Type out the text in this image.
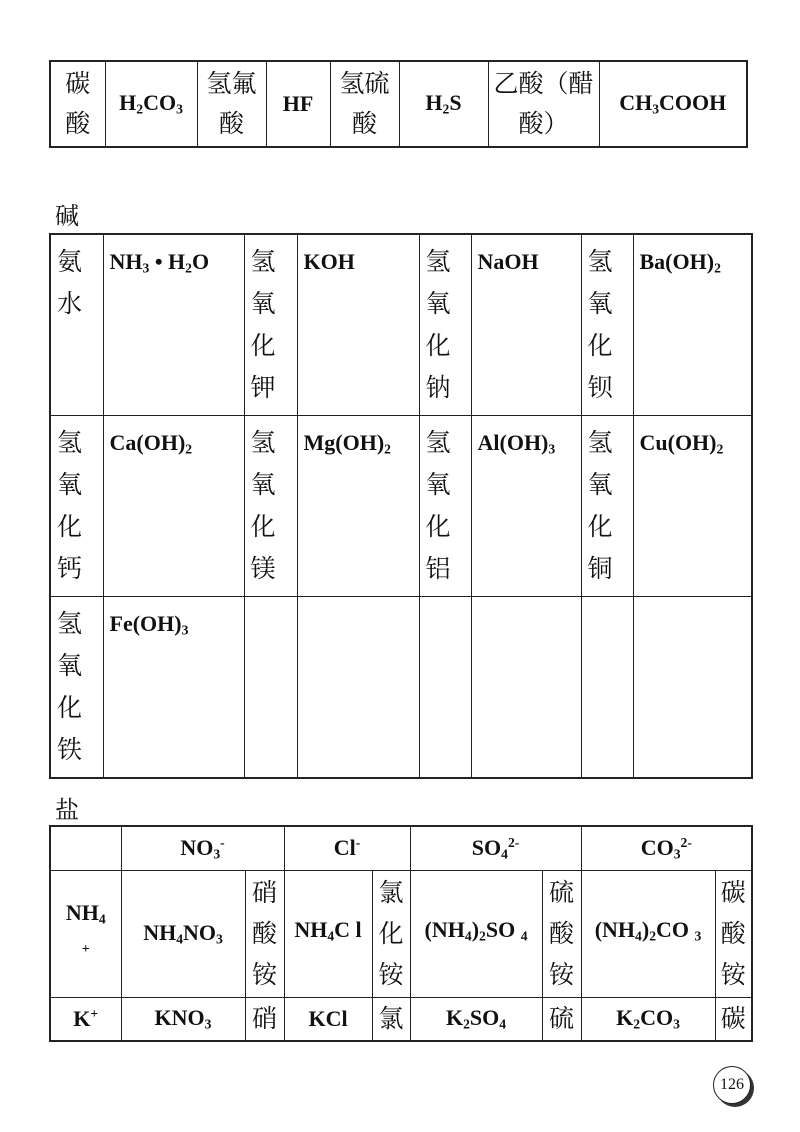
碳酸	$H_2CO_3$	氢氟酸	HF	氢硫酸	$H_2S$	乙酸（醋酸）	$CH_3COOH$
碱
氨水	$NH_3$ • $H_2O$	氢氧化钾	KOH	氢氧化钠	NaOH	氢氧化钡	$Ba(OH)_2$

氢氧化钙	$Ca(OH)_2$	氢氧化镁	$Mg(OH)_2$	氢氧化铝	$Al(OH)_3$	氢氧化铜	$Cu(OH)_2$

氢氧化铁	$Fe(OH)_3$

盐
	$NO_3^-$		Cl-		$SO_4^{2-}$		$CO_3^{2-}$
$NH_4$ +	$NH_4NO_3$	硝酸铵	$NH_4C$ l	氯化铵	$(NH_4)_2SO$ $_4$	硫酸铵	$(NH_4)_2CO$ $_3$	碳酸铵
K+	$KNO_3$	硝	KCl	氯	$K_2SO_4$	硫	$K_2CO_3$	碳
126
